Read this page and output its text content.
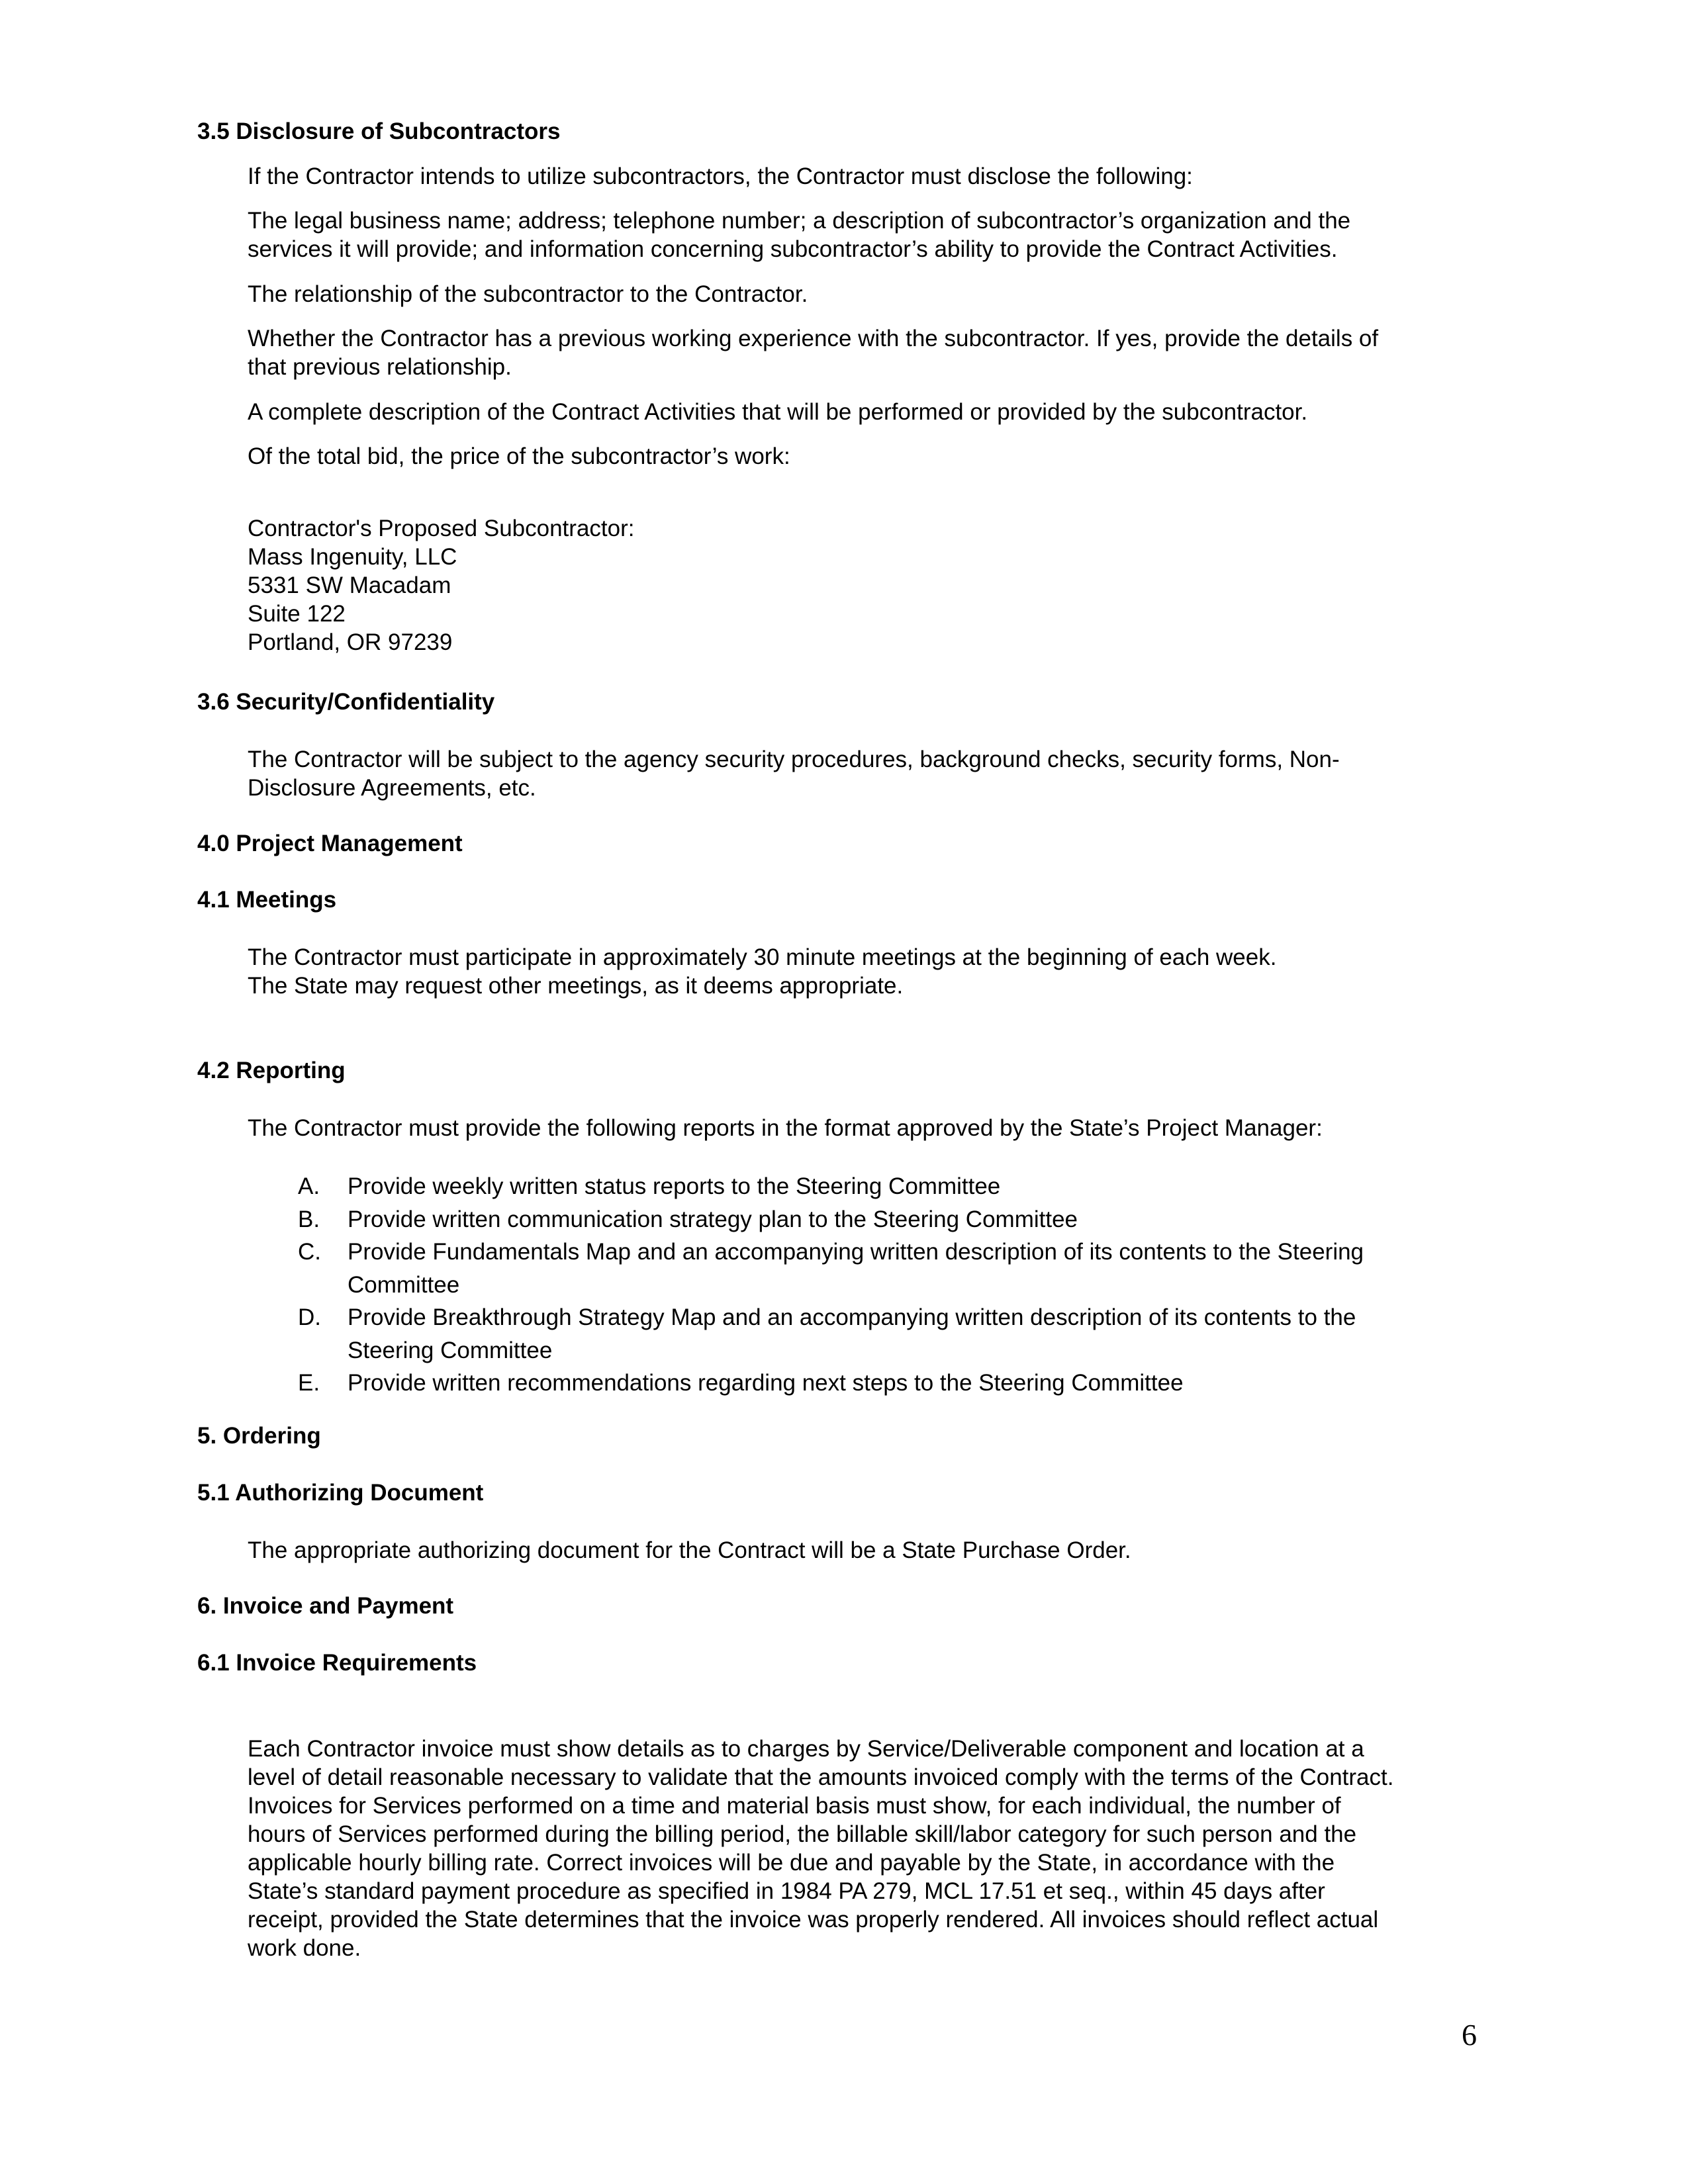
3.5 Disclosure of Subcontractors

If the Contractor intends to utilize subcontractors, the Contractor must disclose the following:

The legal business name; address; telephone number; a description of subcontractor’s organization and the
services it will provide; and information concerning subcontractor’s ability to provide the Contract Activities.

The relationship of the subcontractor to the Contractor.

Whether the Contractor has a previous working experience with the subcontractor. If yes, provide the details of
that previous relationship.

A complete description of the Contract Activities that will be performed or provided by the subcontractor.

Of the total bid, the price of the subcontractor’s work:

Contractor's Proposed Subcontractor:
Mass Ingenuity, LLC
5331 SW Macadam
Suite 122
Portland, OR 97239

3.6 Security/Confidentiality

The Contractor will be subject to the agency security procedures, background checks, security forms, Non-
Disclosure Agreements, etc.

4.0 Project Management
4.1 Meetings

The Contractor must participate in approximately 30 minute meetings at the beginning of each week.
The State may request other meetings, as it deems appropriate.

4.2 Reporting

The Contractor must provide the following reports in the format approved by the State’s Project Manager:

A.	Provide weekly written status reports to the Steering Committee
B.	Provide written communication strategy plan to the Steering Committee
C.	Provide Fundamentals Map and an accompanying written description of its contents to the Steering
Committee
D.	Provide Breakthrough Strategy Map and an accompanying written description of its contents to the
Steering Committee
E.	Provide written recommendations regarding next steps to the Steering Committee
5. Ordering
5.1 Authorizing Document

The appropriate authorizing document for the Contract will be a State Purchase Order.

6. Invoice and Payment
6.1 Invoice Requirements

Each Contractor invoice must show details as to charges by Service/Deliverable component and location at a
level of detail reasonable necessary to validate that the amounts invoiced comply with the terms of the Contract.
Invoices for Services performed on a time and material basis must show, for each individual, the number of
hours of Services performed during the billing period, the billable skill/labor category for such person and the
applicable hourly billing rate. Correct invoices will be due and payable by the State, in accordance with the
State’s standard payment procedure as specified in 1984 PA 279, MCL 17.51 et seq., within 45 days after
receipt, provided the State determines that the invoice was properly rendered. All invoices should reflect actual
work done.

6
